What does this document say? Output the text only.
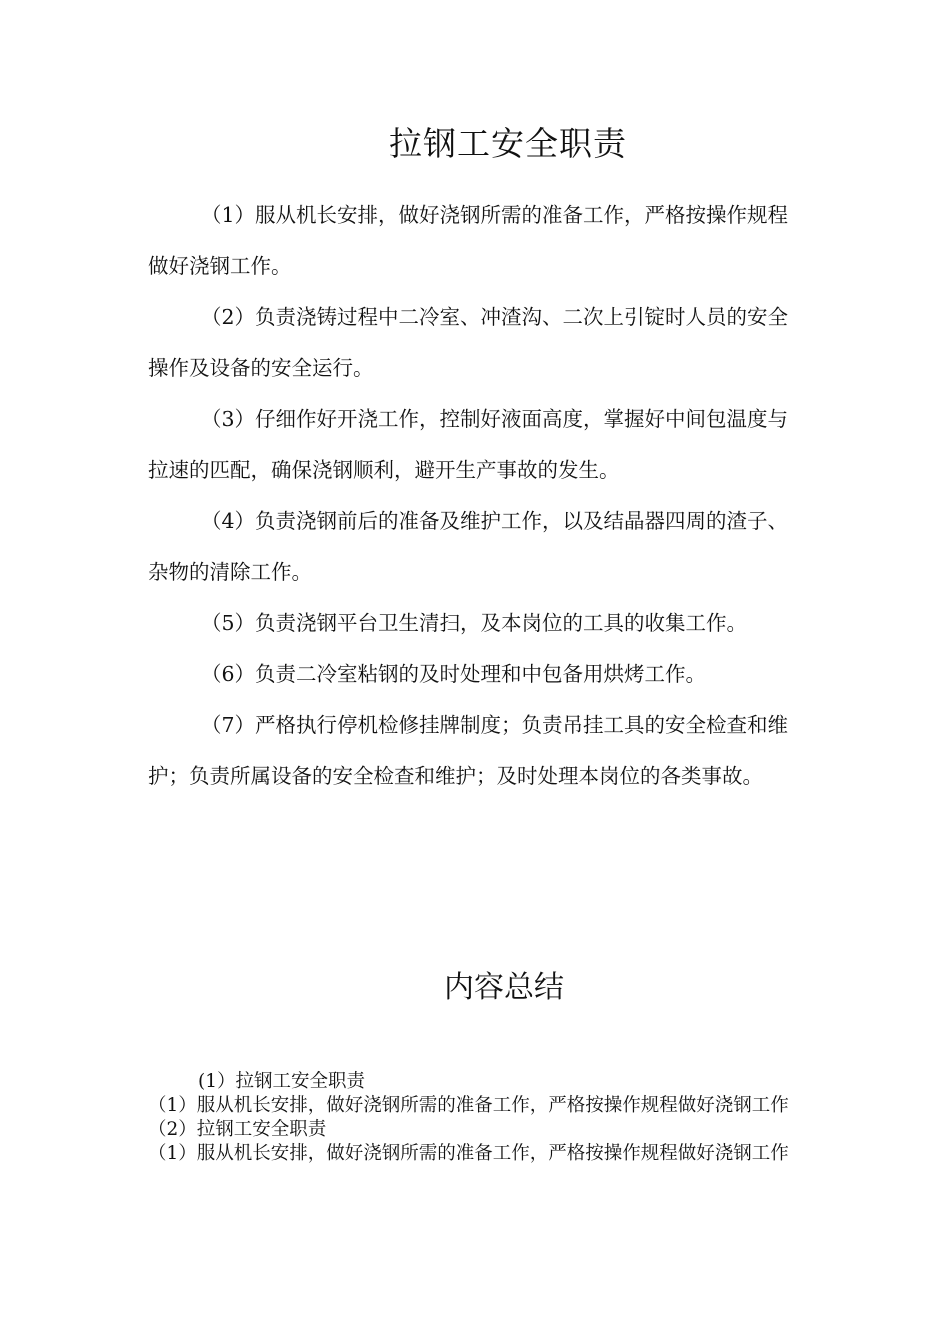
拉钢工安全职责

（1）服从机长安排，做好浇钢所需的准备工作，严格按操作规程做好浇钢工作。

（2）负责浇铸过程中二冷室、冲渣沟、二次上引锭时人员的安全操作及设备的安全运行。

（3）仔细作好开浇工作，控制好液面高度，掌握好中间包温度与拉速的匹配，确保浇钢顺利，避开生产事故的发生。

（4）负责浇钢前后的准备及维护工作，以及结晶器四周的渣子、杂物的清除工作。

（5）负责浇钢平台卫生清扫，及本岗位的工具的收集工作。

（6）负责二冷室粘钢的及时处理和中包备用烘烤工作。

（7）严格执行停机检修挂牌制度；负责吊挂工具的安全检查和维护；负责所属设备的安全检查和维护；及时处理本岗位的各类事故。

内容总结

(1）拉钢工安全职责

（1）服从机长安排，做好浇钢所需的准备工作，严格按操作规程做好浇钢工作

（2）拉钢工安全职责

（1）服从机长安排，做好浇钢所需的准备工作，严格按操作规程做好浇钢工作
